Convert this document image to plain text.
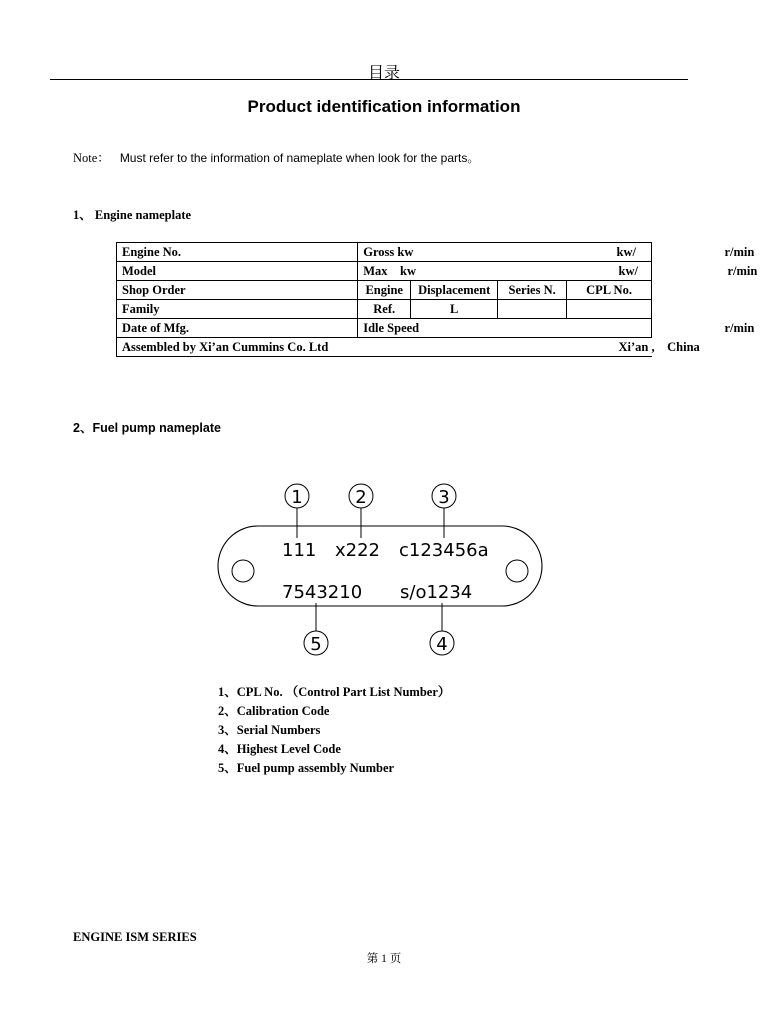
目录
Product identification information
Note： Must refer to the information of nameplate when look for the parts。
1、 Engine nameplate
Engine No.	Gross kw kw/ r/min			

Model	Max    kw kw/ r/min			

Shop Order	Engine	Displacement	Series N.	CPL No.
Family	Ref.	L		
Date of Mfg.	Idle Speed r/min			

Assembled by Xi’an Cummins Co. Ltd Xi’an ,    China				
2、Fuel pump nameplate
1	2	3
111 x222 c123456a
7543210 s/o1234
5	4
1、CPL No. （Control Part List Number）
2、Calibration Code
3、Serial Numbers
4、Highest Level Code
5、Fuel pump assembly Number
ENGINE ISM SERIES
第 1 页
